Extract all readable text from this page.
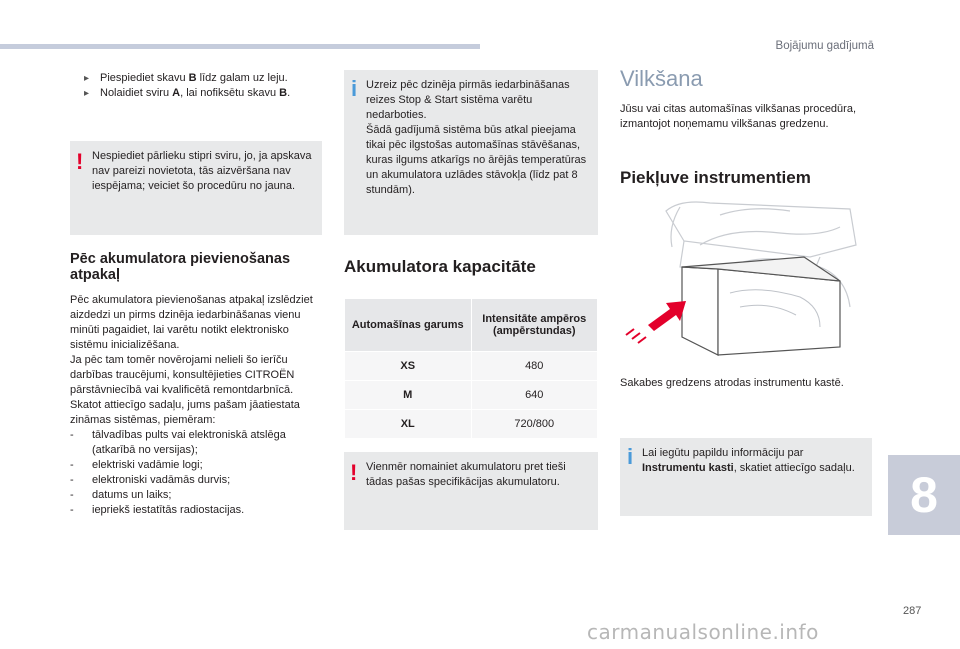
Bojājumu gadījumā
▸ Piespiediet skavu B līdz galam uz leju.
▸ Nolaidiet sviru A, lai nofiksētu skavu B.
! Nespiediet pārlieku stipri sviru, jo, ja apskava nav pareizi novietota, tās aizvēršana nav iespējama; veiciet šo procedūru no jauna.
Pēc akumulatora pievienošanas atpakaļ
Pēc akumulatora pievienošanas atpakaļ izslēdziet aizdedzi un pirms dzinēja iedarbināšanas vienu minūti pagaidiet, lai varētu notikt elektronisko sistēmu inicializēšana.
Ja pēc tam tomēr novērojami nelieli šo ierīču darbības traucējumi, konsultējieties CITROËN pārstāvniecībā vai kvalificētā remontdarbnīcā.
Skatot attiecīgo sadaļu, jums pašam jāatiestata zināmas sistēmas, piemēram:
-	tālvadības pults vai elektroniskā atslēga (atkarībā no versijas);
-	elektriski vadāmie logi;
-	elektroniski vadāmās durvis;
-	datums un laiks;
-	iepriekš iestatītās radiostacijas.
i Uzreiz pēc dzinēja pirmās iedarbināšanas reizes Stop & Start sistēma varētu nedarboties.
Šādā gadījumā sistēma būs atkal pieejama tikai pēc ilgstošas automašīnas stāvēšanas, kuras ilgums atkarīgs no ārējās temperatūras un akumulatora uzlādes stāvokļa (līdz pat 8 stundām).
Akumulatora kapacitāte
Automašīnas garums	Intensitāte ampēros (ampērstundas)
XS	480
M	640
XL	720/800
! Vienmēr nomainiet akumulatoru pret tieši tādas pašas specifikācijas akumulatoru.
Vilkšana
Jūsu vai citas automašīnas vilkšanas procedūra, izmantojot noņemamu vilkšanas gredzenu.
Piekļuve instrumentiem
Sakabes gredzens atrodas instrumentu kastē.
i Lai iegūtu papildu informāciju par Instrumentu kasti, skatiet attiecīgo sadaļu.	8
287
carmanualsonline.info
